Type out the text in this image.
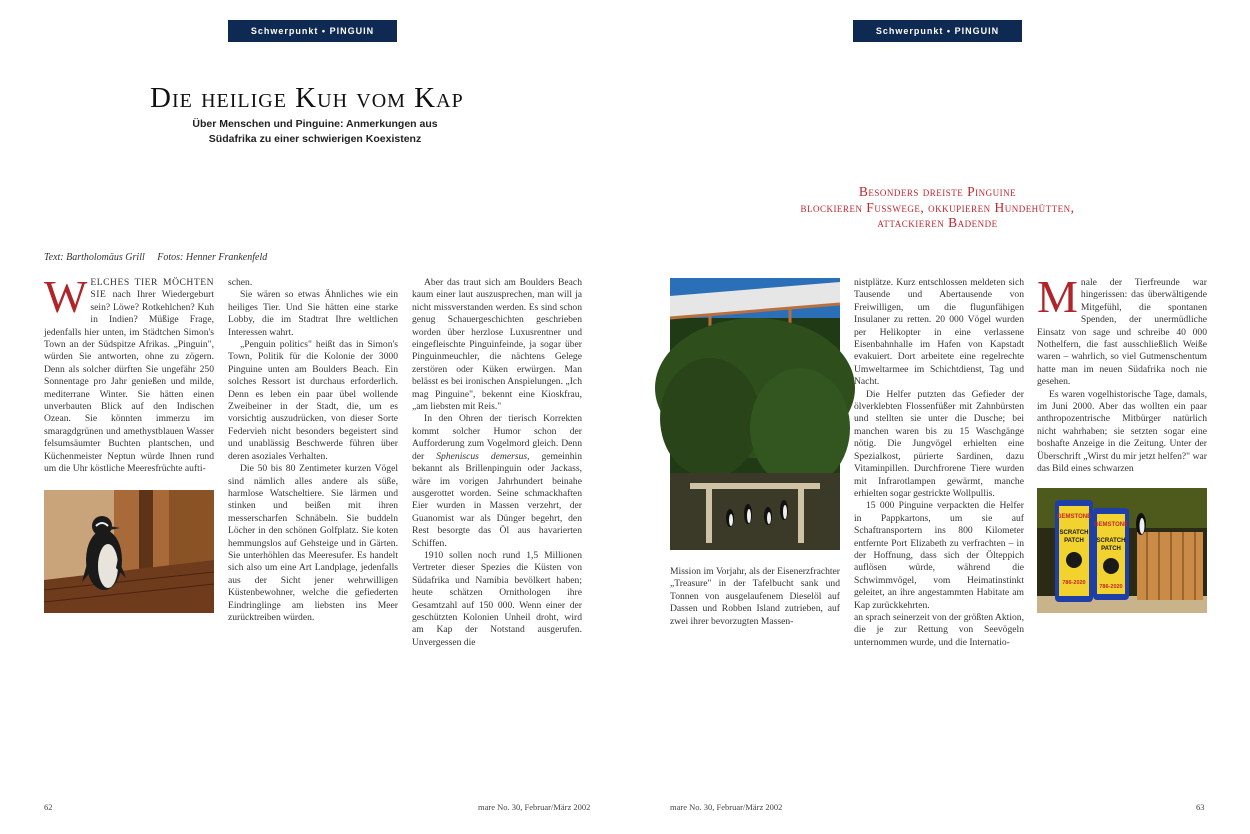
Schwerpunkt • PINGUIN
Die heilige Kuh vom Kap
Über Menschen und Pinguine: Anmerkungen aus
Südafrika zu einer schwierigen Koexistenz
Text: Bartholomäus Grill     Fotos: Henner Frankenfeld
W ELCHES TIER MÖCHTEN SIE nach Ihrer Wiedergeburt sein? Löwe? Rotkehlchen? Kuh in Indien? Müßige Frage, jedenfalls hier unten, im Städtchen Simon's Town an der Südspitze Afrikas. „Pinguin", würden Sie antworten, ohne zu zögern. Denn als solcher dürften Sie ungefähr 250 Sonnentage pro Jahr genießen und milde, mediterrane Winter. Sie hätten einen unverbauten Blick auf den Indischen Ozean. Sie könnten immerzu im smaragdgrünen und amethystblauen Wasser felsumsäumter Buchten plantschen, und Küchenmeister Neptun würde Ihnen rund um die Uhr köstliche Meeresfrüchte aufti-

schen.

Sie wären so etwas Ähnliches wie ein heiliges Tier. Und Sie hätten eine starke Lobby, die im Stadtrat Ihre weltlichen Interessen wahrt.

„Penguin politics" heißt das in Simon's Town, Politik für die Kolonie der 3000 Pinguine unten am Boulders Beach. Ein solches Ressort ist durchaus erforderlich. Denn es leben ein paar übel wollende Zweibeiner in der Stadt, die, um es vorsichtig auszudrücken, von dieser Sorte Federvieh nicht besonders begeistert sind und unablässig Beschwerde führen über deren asoziales Verhalten.

Die 50 bis 80 Zentimeter kurzen Vögel sind nämlich alles andere als süße, harmlose Watscheltiere. Sie lärmen und stinken und beißen mit ihren messerscharfen Schnäbeln. Sie buddeln Löcher in den schönen Golfplatz. Sie koten hemmungslos auf Gehsteige und in Gärten. Sie unterhöhlen das Meeresufer. Es handelt sich also um eine Art Landplage, jedenfalls aus der Sicht jener wehrwilligen Küstenbewohner, welche die gefiederten Eindringlinge am liebsten ins Meer zurücktreiben würden.

Aber das traut sich am Boulders Beach kaum einer laut auszusprechen, man will ja nicht missverstanden werden. Es sind schon genug Schauergeschichten geschrieben worden über herzlose Luxusrentner und eingefleischte Pinguinfeinde, ja sogar über Pinguinmeuchler, die nächtens Gelege zerstören oder Küken erwürgen. Man belässt es bei ironischen Anspielungen. „Ich mag Pinguine", bekennt eine Kioskfrau, „am liebsten mit Reis."

In den Ohren der tierisch Korrekten kommt solcher Humor schon der Aufforderung zum Vogelmord gleich. Denn der Spheniscus demersus, gemeinhin bekannt als Brillenpinguin oder Jackass, wäre im vorigen Jahrhundert beinahe ausgerottet worden. Seine schmackhaften Eier wurden in Massen verzehrt, der Guanomist war als Dünger begehrt, den Rest besorgte das Öl aus havarierten Schiffen.

1910 sollen noch rund 1,5 Millionen Vertreter dieser Spezies die Küsten von Südafrika und Namibia bevölkert haben; heute schätzen Ornithologen ihre Gesamtzahl auf 150 000. Wenn einer der geschützten Kolonien Unheil droht, wird am Kap der Notstand ausgerufen. Unvergessen die

62	mare No. 30, Februar/März 2002
Schwerpunkt • PINGUIN
Besonders dreiste Pinguine
blockieren Fusswege, okkupieren Hundehütten,
attackieren Badende
Mission im Vorjahr, als der Eisenerzfrachter „Treasure" in der Tafelbucht sank und Tonnen von ausgelaufenem Dieselöl auf Dassen und Robben Island zutrieben, auf zwei ihrer bevorzugten Massen-

nistplätze. Kurz entschlossen meldeten sich Tausende und Abertausende von Freiwilligen, um die flugunfähigen Insulaner zu retten. 20 000 Vögel wurden per Helikopter in eine verlassene Eisenbahnhalle im Hafen von Kapstadt evakuiert. Dort arbeitete eine regelrechte Umweltarmee im Schichtdienst, Tag und Nacht.

Die Helfer putzten das Gefieder der ölverklebten Flossenfüßer mit Zahnbürsten und stellten sie unter die Dusche; bei manchen waren bis zu 15 Waschgänge nötig. Die Jungvögel erhielten eine Spezialkost, pürierte Sardinen, dazu Vitaminpillen. Durchfrorene Tiere wurden mit Infrarotlampen gewärmt, manche erhielten sogar gestrickte Wollpullis.

15 000 Pinguine verpackten die Helfer in Pappkartons, um sie auf Schaftransportern ins 800 Kilometer entfernte Port Elizabeth zu verfrachten – in der Hoffnung, dass sich der Ölteppich auflösen würde, während die Schwimmvögel, vom Heimatinstinkt geleitet, an ihre angestammten Habitate am Kap zurückkehrten.

an sprach seinerzeit von der größten Aktion, die je zur Rettung von Seevögeln unternommen wurde, und die Internatio-

M nale der Tierfreunde war hingerissen: das überwältigende Mitgefühl, die spontanen Spenden, der unermüdliche Einsatz von sage und schreibe 40 000 Nothelfern, die fast ausschließlich Weiße waren – wahrlich, so viel Gutmenschentum hatte man im neuen Südafrika noch nie gesehen.

Es waren vogelhistorische Tage, damals, im Juni 2000. Aber das wollten ein paar anthropozentrische Mitbürger natürlich nicht wahrhaben; sie setzten sogar eine boshafte Anzeige in die Zeitung. Unter der Überschrift „Wirst du mir jetzt helfen?" war das Bild eines schwarzen

GEMSTONE
SCRATCH
PATCH
786-2020
GEMSTONE
SCRATCH
PATCH
786-2020
mare No. 30, Februar/März 2002	63
